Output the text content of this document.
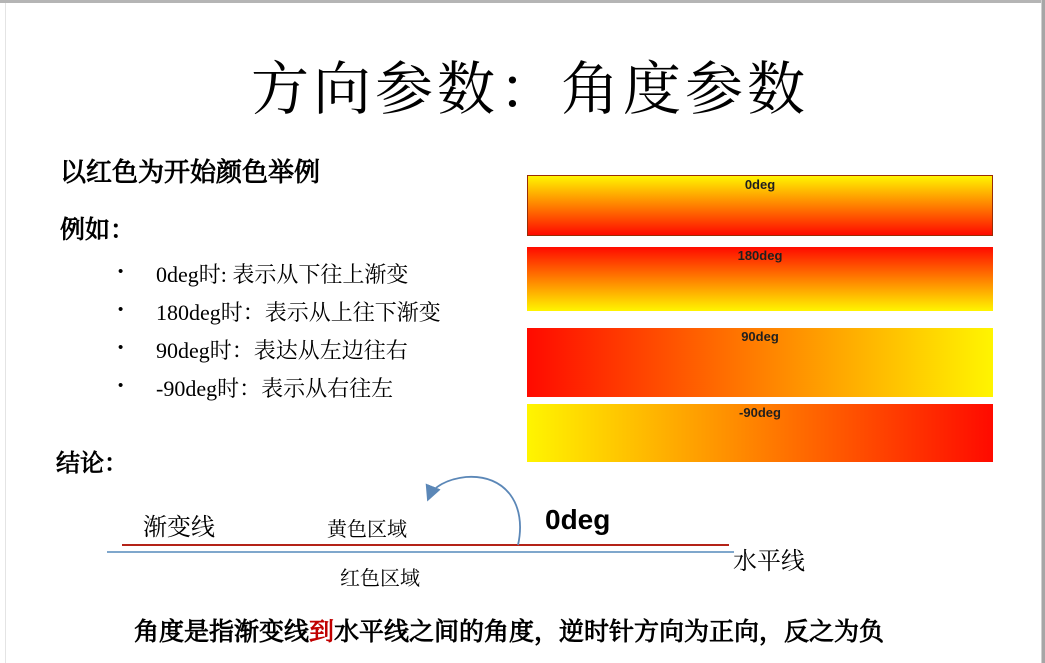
方向参数：角度参数
以红色为开始颜色举例
例如：
•	0deg时: 表示从下往上渐变
•	180deg时：表示从上往下渐变
•	90deg时：表达从左边往右
•	-90deg时：表示从右往左
结论：
0deg
180deg
90deg
-90deg
渐变线	黄色区域	0deg
水平线
红色区域
角度是指渐变线到水平线之间的角度，逆时针方向为正向，反之为负
